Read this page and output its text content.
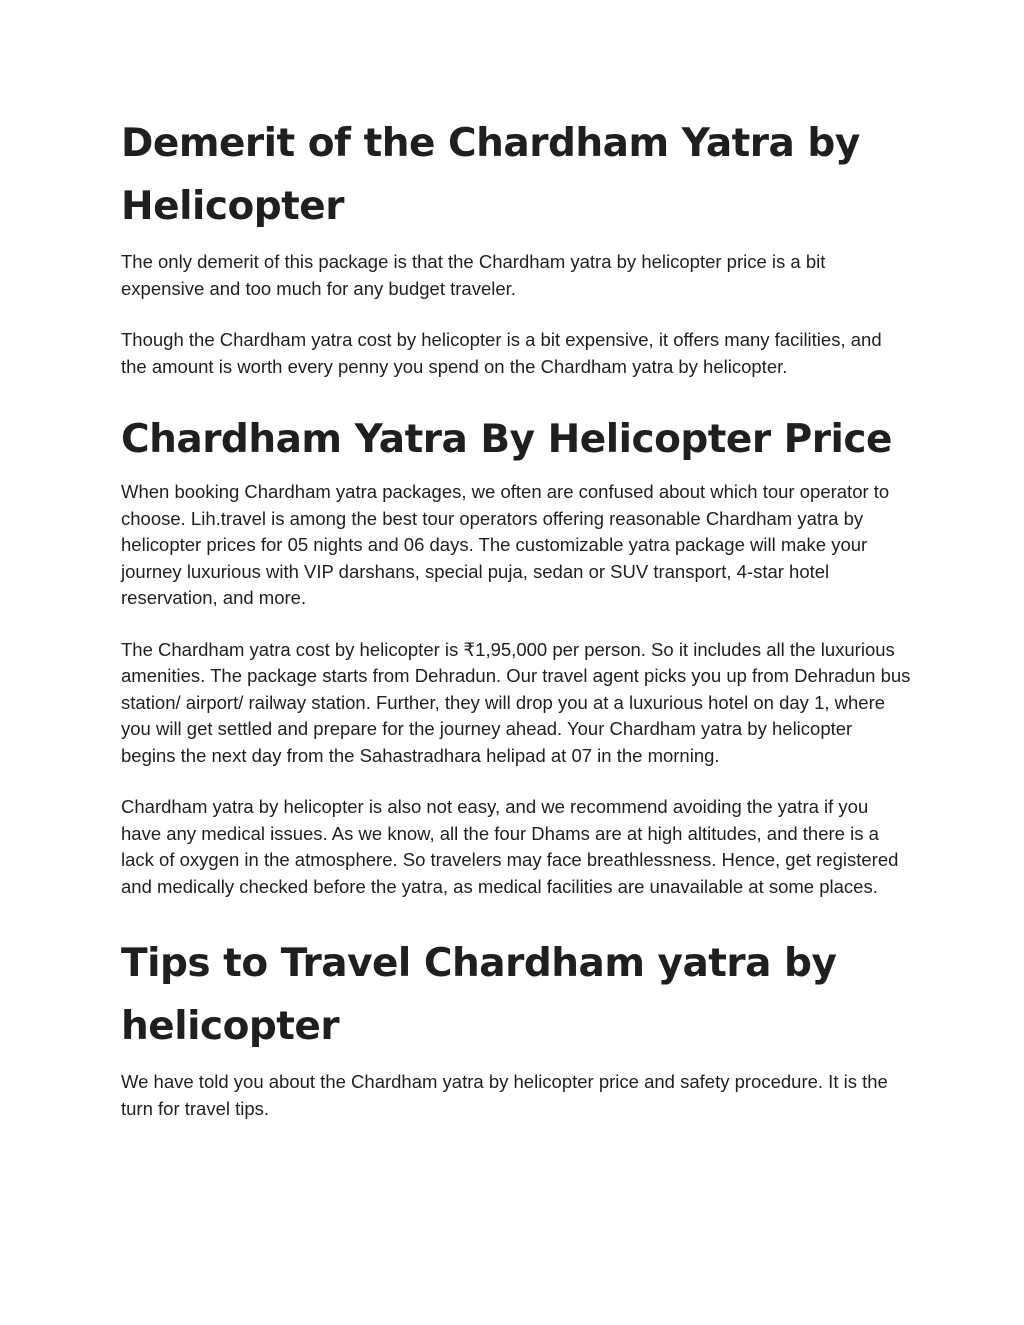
Demerit of the Chardham Yatra by Helicopter

The only demerit of this package is that the Chardham yatra by helicopter price is a bit expensive and too much for any budget traveler.

Though the Chardham yatra cost by helicopter is a bit expensive, it offers many facilities, and the amount is worth every penny you spend on the Chardham yatra by helicopter.

Chardham Yatra By Helicopter Price

When booking Chardham yatra packages, we often are confused about which tour operator to choose. Lih.travel is among the best tour operators offering reasonable Chardham yatra by helicopter prices for 05 nights and 06 days. The customizable yatra package will make your journey luxurious with VIP darshans, special puja, sedan or SUV transport, 4-star hotel reservation, and more.

The Chardham yatra cost by helicopter is ₹1,95,000 per person. So it includes all the luxurious amenities. The package starts from Dehradun. Our travel agent picks you up from Dehradun bus station/ airport/ railway station. Further, they will drop you at a luxurious hotel on day 1, where you will get settled and prepare for the journey ahead. Your Chardham yatra by helicopter begins the next day from the Sahastradhara helipad at 07 in the morning.

Chardham yatra by helicopter is also not easy, and we recommend avoiding the yatra if you have any medical issues. As we know, all the four Dhams are at high altitudes, and there is a lack of oxygen in the atmosphere. So travelers may face breathlessness. Hence, get registered and medically checked before the yatra, as medical facilities are unavailable at some places.

Tips to Travel Chardham yatra by helicopter

We have told you about the Chardham yatra by helicopter price and safety procedure. It is the turn for travel tips.
